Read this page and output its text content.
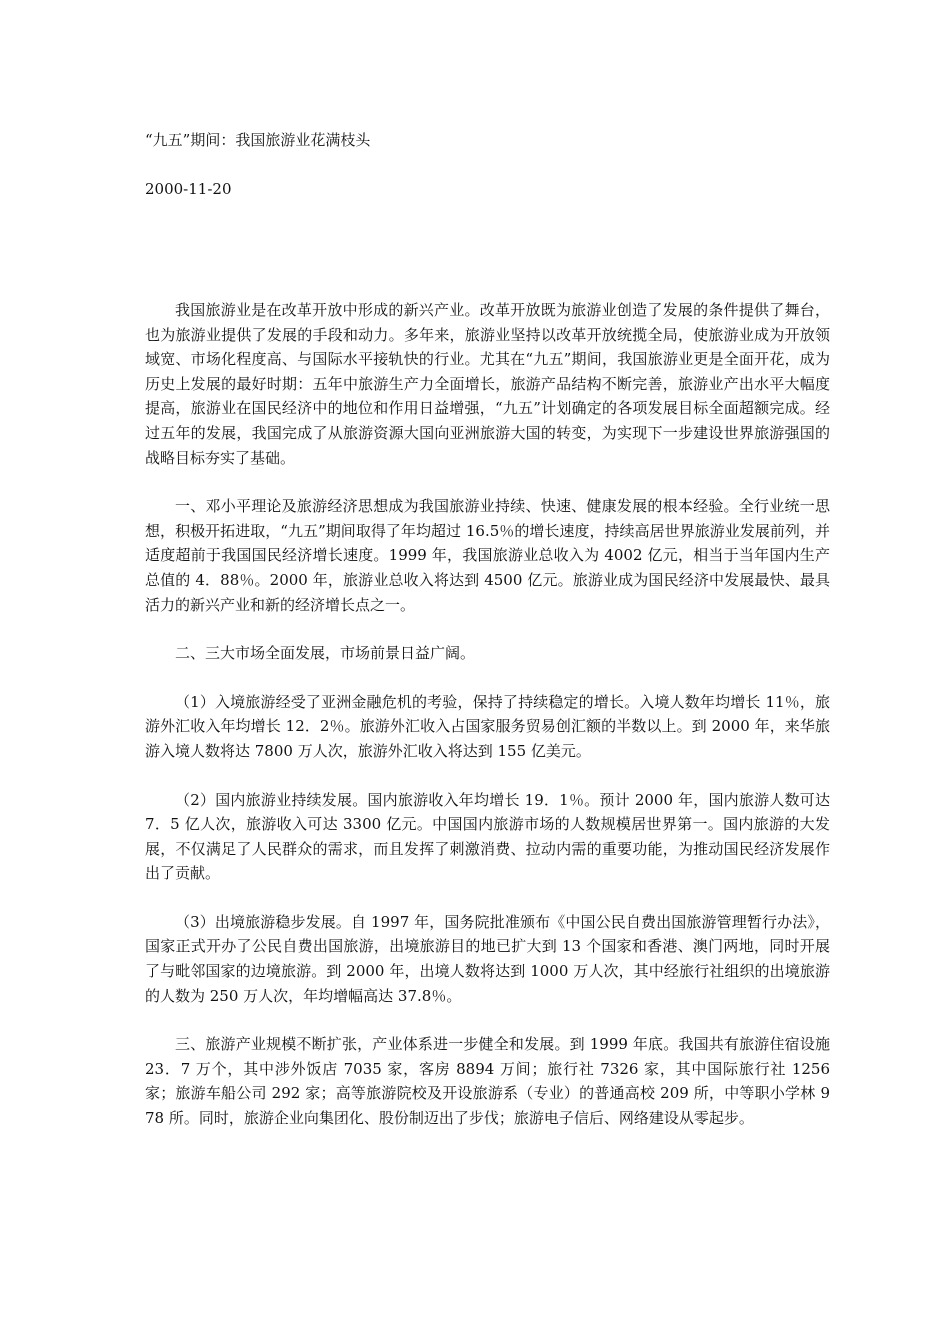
“九五”期间：我国旅游业花满枝头
2000-11-20

我国旅游业是在改革开放中形成的新兴产业。改革开放既为旅游业创造了发展的条件提供了舞台，也为旅游业提供了发展的手段和动力。多年来，旅游业坚持以改革开放统揽全局，使旅游业成为开放领域宽、市场化程度高、与国际水平接轨快的行业。尤其在“九五”期间，我国旅游业更是全面开花，成为历史上发展的最好时期：五年中旅游生产力全面增长，旅游产品结构不断完善，旅游业产出水平大幅度提高，旅游业在国民经济中的地位和作用日益增强，“九五”计划确定的各项发展目标全面超额完成。经过五年的发展，我国完成了从旅游资源大国向亚洲旅游大国的转变，为实现下一步建设世界旅游强国的战略目标夯实了基础。

一、邓小平理论及旅游经济思想成为我国旅游业持续、快速、健康发展的根本经验。全行业统一思想，积极开拓进取，“九五”期间取得了年均超过 16.5％的增长速度，持续高居世界旅游业发展前列，并适度超前于我国国民经济增长速度。1999 年，我国旅游业总收入为 4002 亿元，相当于当年国内生产总值的 4．88％。2000 年，旅游业总收入将达到 4500 亿元。旅游业成为国民经济中发展最快、最具活力的新兴产业和新的经济增长点之一。

二、三大市场全面发展，市场前景日益广阔。

（1）入境旅游经受了亚洲金融危机的考验，保持了持续稳定的增长。入境人数年均增长 11％，旅游外汇收入年均增长 12．2％。旅游外汇收入占国家服务贸易创汇额的半数以上。到 2000 年，来华旅游入境人数将达 7800 万人次，旅游外汇收入将达到 155 亿美元。

（2）国内旅游业持续发展。国内旅游收入年均增长 19．1％。预计 2000 年，国内旅游人数可达 7．5 亿人次，旅游收入可达 3300 亿元。中国国内旅游市场的人数规模居世界第一。国内旅游的大发展，不仅满足了人民群众的需求，而且发挥了刺激消费、拉动内需的重要功能，为推动国民经济发展作出了贡献。

（3）出境旅游稳步发展。自 1997 年，国务院批准颁布《中国公民自费出国旅游管理暂行办法》，国家正式开办了公民自费出国旅游，出境旅游目的地已扩大到 13 个国家和香港、澳门两地，同时开展了与毗邻国家的边境旅游。到 2000 年，出境人数将达到 1000 万人次，其中经旅行社组织的出境旅游的人数为 250 万人次，年均增幅高达 37.8％。

三、旅游产业规模不断扩张，产业体系进一步健全和发展。到 1999 年底。我国共有旅游住宿设施 23．7 万个，其中涉外饭店 7035 家，客房 8894 万间；旅行社 7326 家，其中国际旅行社 1256 家；旅游车船公司 292 家；高等旅游院校及开设旅游系（专业）的普通高校 209 所，中等职小学林 978 所。同时，旅游企业向集团化、股份制迈出了步伐；旅游电子信后、网络建设从零起步。
